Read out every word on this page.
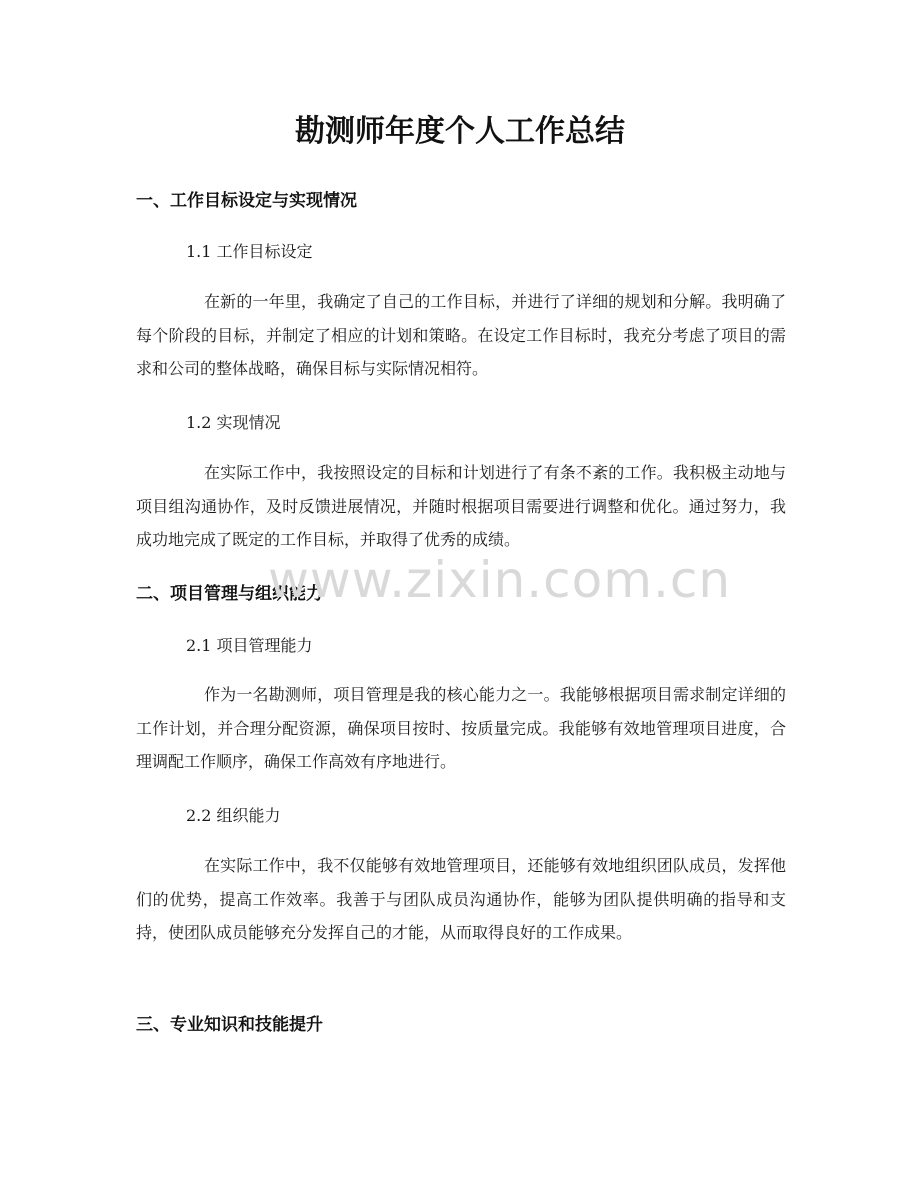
勘测师年度个人工作总结
一、工作目标设定与实现情况
1.1 工作目标设定
在新的一年里，我确定了自己的工作目标，并进行了详细的规划和分解。我明确了每个阶段的目标，并制定了相应的计划和策略。在设定工作目标时，我充分考虑了项目的需求和公司的整体战略，确保目标与实际情况相符。
1.2 实现情况
在实际工作中，我按照设定的目标和计划进行了有条不紊的工作。我积极主动地与项目组沟通协作，及时反馈进展情况，并随时根据项目需要进行调整和优化。通过努力，我成功地完成了既定的工作目标，并取得了优秀的成绩。
二、项目管理与组织能力
2.1 项目管理能力
作为一名勘测师，项目管理是我的核心能力之一。我能够根据项目需求制定详细的工作计划，并合理分配资源，确保项目按时、按质量完成。我能够有效地管理项目进度，合理调配工作顺序，确保工作高效有序地进行。
2.2 组织能力
在实际工作中，我不仅能够有效地管理项目，还能够有效地组织团队成员，发挥他们的优势，提高工作效率。我善于与团队成员沟通协作，能够为团队提供明确的指导和支持，使团队成员能够充分发挥自己的才能，从而取得良好的工作成果。
三、专业知识和技能提升
www.zixin.com.cn
